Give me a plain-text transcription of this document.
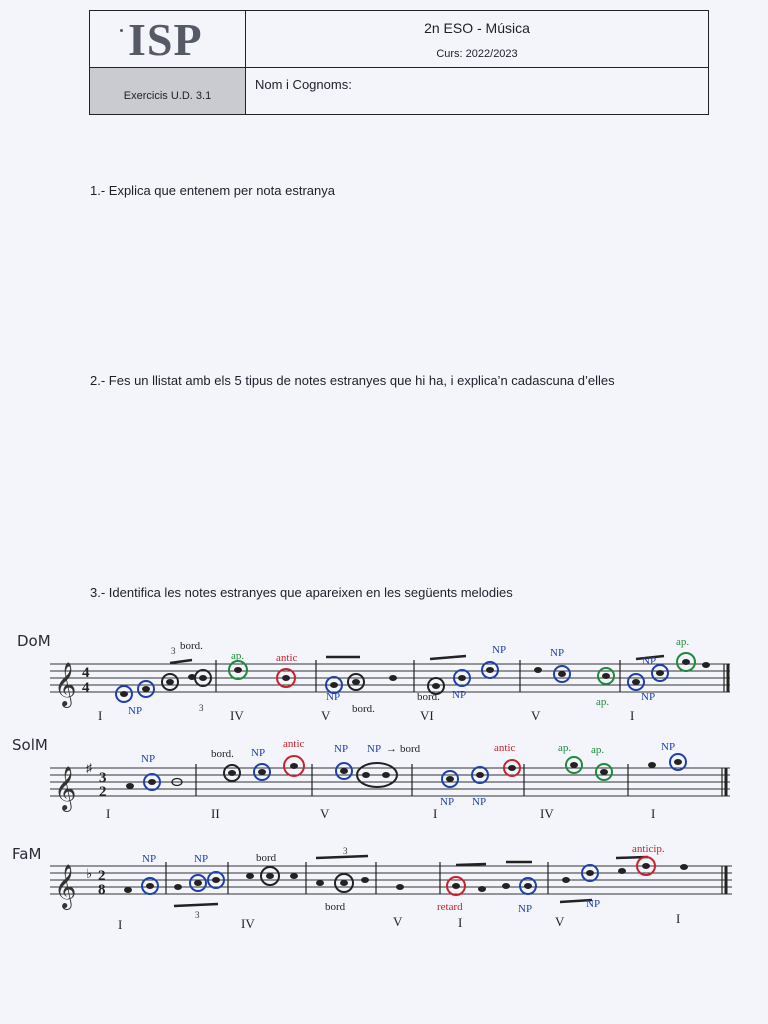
ISP	2n ESO - Música
Curs: 2022/2023
Exercicis U.D. 3.1
Nom i Cognoms:
1.- Explica que entenem per nota estranya
2.- Fes un llistat amb els 5 tipus de notes estranyes que hi ha, i explica’n cadascuna d’elles
3.- Identifica les notes estranyes que apareixen en les següents melodies
DoM
𝄞 4
4
3
3
bord.
ap.	antic
NP
NP
NP
ap.
NP
NP
bord.
bord.	NP
NP
ap.
I	IV	V	VI	V	I
SolM
𝄞 ♯
3
2
NP	bord. NP
antic	NP NP → bord	antic	ap. ap.	NP
NP NP
I	II	V	I	IV	I
FaM
𝄞 ♭ 2
8
3
3
NP	NP	bord
bord
anticip.
retard	NP	NP
I	IV	V	I	V	I
